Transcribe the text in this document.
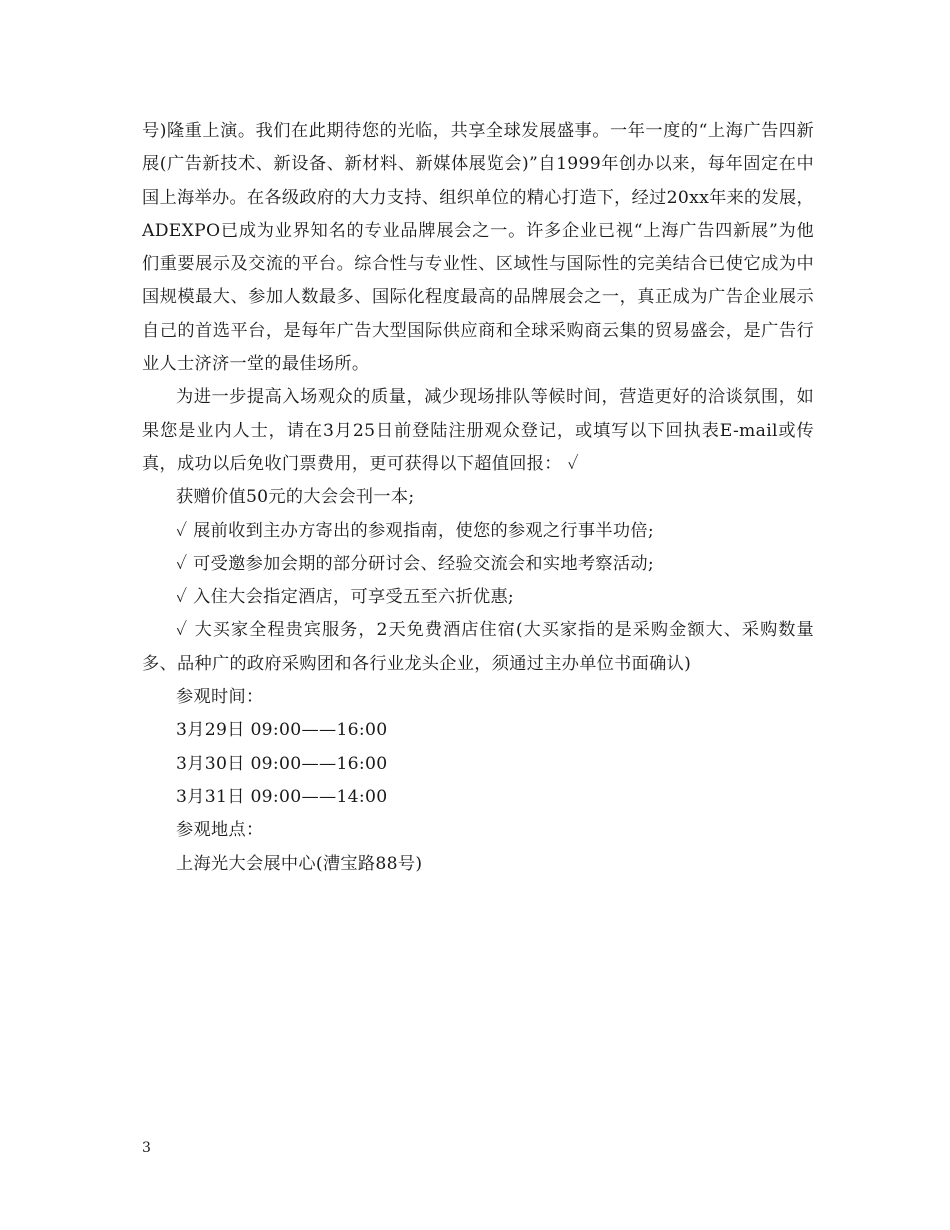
号)隆重上演。我们在此期待您的光临，共享全球发展盛事。一年一度的“上海广告四新展(广告新技术、新设备、新材料、新媒体展览会)”自1999年创办以来，每年固定在中国上海举办。在各级政府的大力支持、组织单位的精心打造下，经过20xx年来的发展，ADEXPO已成为业界知名的专业品牌展会之一。许多企业已视“上海广告四新展”为他们重要展示及交流的平台。综合性与专业性、区域性与国际性的完美结合已使它成为中国规模最大、参加人数最多、国际化程度最高的品牌展会之一，真正成为广告企业展示自己的首选平台，是每年广告大型国际供应商和全球采购商云集的贸易盛会，是广告行业人士济济一堂的最佳场所。

为进一步提高入场观众的质量，减少现场排队等候时间，营造更好的洽谈氛围，如果您是业内人士，请在3月25日前登陆注册观众登记，或填写以下回执表E-mail或传真，成功以后免收门票费用，更可获得以下超值回报： ✓

获赠价值50元的大会会刊一本;

✓ 展前收到主办方寄出的参观指南，使您的参观之行事半功倍;

✓ 可受邀参加会期的部分研讨会、经验交流会和实地考察活动;

✓ 入住大会指定酒店，可享受五至六折优惠;

✓ 大买家全程贵宾服务，2天免费酒店住宿(大买家指的是采购金额大、采购数量多、品种广的政府采购团和各行业龙头企业，须通过主办单位书面确认)

参观时间：

3月29日 09:00——16:00

3月30日 09:00——16:00

3月31日 09:00——14:00

参观地点：

上海光大会展中心(漕宝路88号)

3
